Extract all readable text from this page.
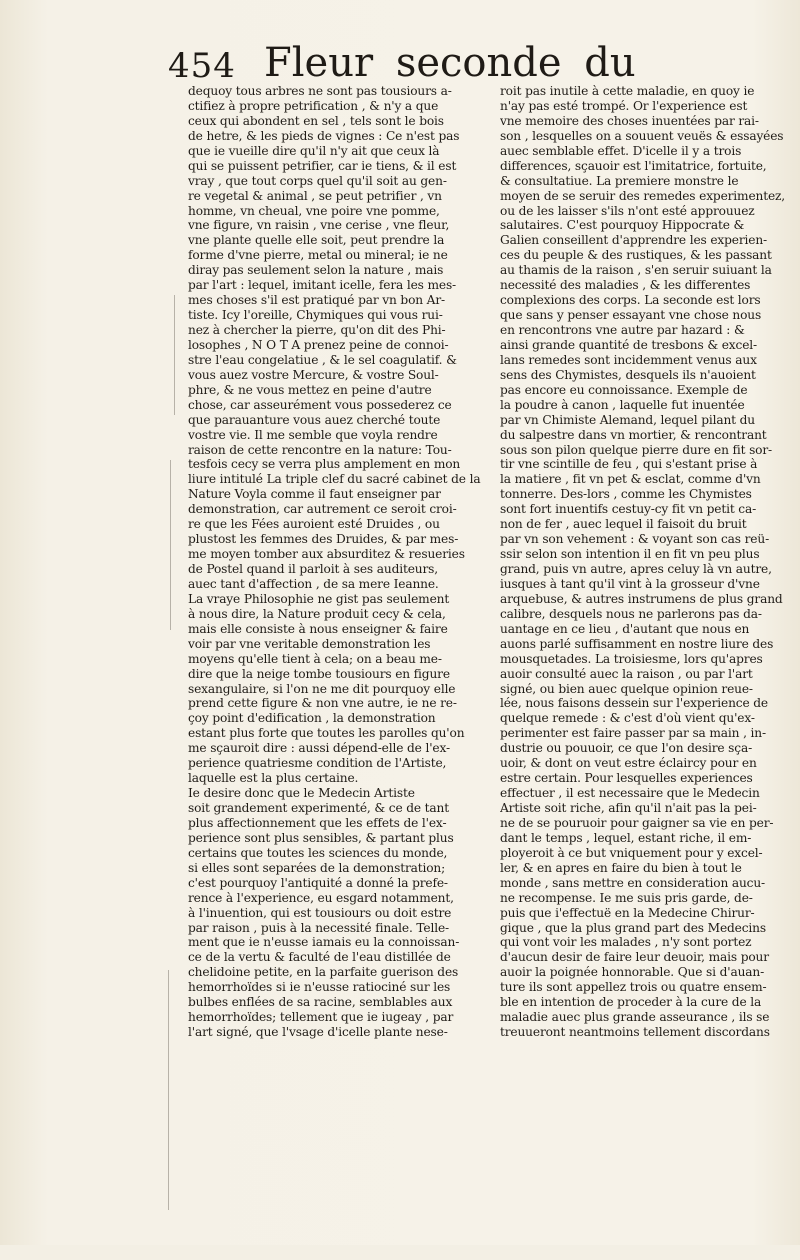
454 Fleur seconde du
dequoy tous arbres ne sont pas tousiours a-
ctifiez à propre petrification , & n'y a que
ceux qui abondent en sel , tels sont le bois
de hetre, & les pieds de vignes : Ce n'est pas
que ie vueille dire qu'il n'y ait que ceux là
qui se puissent petrifier, car ie tiens, & il est
vray , que tout corps quel qu'il soit au gen-
re vegetal & animal , se peut petrifier , vn
homme, vn cheual, vne poire vne pomme,
vne figure, vn raisin , vne cerise , vne fleur,
vne plante quelle elle soit, peut prendre la
forme d'vne pierre, metal ou mineral; ie ne
diray pas seulement selon la nature , mais
par l'art : lequel, imitant icelle, fera les mes-
mes choses s'il est pratiqué par vn bon Ar-
tiste. Icy l'oreille, Chymiques qui vous rui-
nez à chercher la pierre, qu'on dit des Phi-
losophes , N O T A prenez peine de connoi-
stre l'eau congelatiue , & le sel coagulatif. &
vous auez vostre Mercure, & vostre Soul-
phre, & ne vous mettez en peine d'autre
chose, car asseurément vous possederez ce
que parauanture vous auez cherché toute
vostre vie. Il me semble que voyla rendre
raison de cette rencontre en la nature: Tou-
tesfois cecy se verra plus amplement en mon
liure intitulé La triple clef du sacré cabinet de la
Nature Voyla comme il faut enseigner par
demonstration, car autrement ce seroit croi-
re que les Fées auroient esté Druides , ou
plustost les femmes des Druides, & par mes-
me moyen tomber aux absurditez & resueries
de Postel quand il parloit à ses auditeurs,
auec tant d'affection , de sa mere Ieanne.
La vraye Philosophie ne gist pas seulement
à nous dire, la Nature produit cecy & cela,
mais elle consiste à nous enseigner & faire
voir par vne veritable demonstration les
moyens qu'elle tient à cela; on a beau me-
dire que la neige tombe tousiours en figure
sexangulaire, si l'on ne me dit pourquoy elle
prend cette figure & non vne autre, ie ne re-
çoy point d'edification , la demonstration
estant plus forte que toutes les parolles qu'on
me sçauroit dire : aussi dépend-elle de l'ex-
perience quatriesme condition de l'Artiste,
laquelle est la plus certaine.
Ie desire donc que le Medecin Artiste
soit grandement experimenté, & ce de tant
plus affectionnement que les effets de l'ex-
perience sont plus sensibles, & partant plus
certains que toutes les sciences du monde,
si elles sont separées de la demonstration;
c'est pourquoy l'antiquité a donné la prefe-
rence à l'experience, eu esgard notamment,
à l'inuention, qui est tousiours ou doit estre
par raison , puis à la necessité finale. Telle-
ment que ie n'eusse iamais eu la connoissan-
ce de la vertu & faculté de l'eau distillée de
chelidoine petite, en la parfaite guerison des
hemorrhoïdes si ie n'eusse ratiociné sur les
bulbes enflées de sa racine, semblables aux
hemorrhoïdes; tellement que ie iugeay , par
l'art signé, que l'vsage d'icelle plante nese-
roit pas inutile à cette maladie, en quoy ie
n'ay pas esté trompé. Or l'experience est
vne memoire des choses inuentées par rai-
son , lesquelles on a souuent veuës & essayées
auec semblable effet. D'icelle il y a trois
differences, sçauoir est l'imitatrice, fortuite,
& consultatiue. La premiere monstre le
moyen de se seruir des remedes experimentez,
ou de les laisser s'ils n'ont esté approuuez
salutaires. C'est pourquoy Hippocrate &
Galien conseillent d'apprendre les experien-
ces du peuple & des rustiques, & les passant
au thamis de la raison , s'en seruir suiuant la
necessité des maladies , & les differentes
complexions des corps. La seconde est lors
que sans y penser essayant vne chose nous
en rencontrons vne autre par hazard : &
ainsi grande quantité de tresbons & excel-
lans remedes sont incidemment venus aux
sens des Chymistes, desquels ils n'auoient
pas encore eu connoissance. Exemple de
la poudre à canon , laquelle fut inuentée
par vn Chimiste Alemand, lequel pilant du
du salpestre dans vn mortier, & rencontrant
sous son pilon quelque pierre dure en fit sor-
tir vne scintille de feu , qui s'estant prise à
la matiere , fit vn pet & esclat, comme d'vn
tonnerre. Des-lors , comme les Chymistes
sont fort inuentifs cestuy-cy fit vn petit ca-
non de fer , auec lequel il faisoit du bruit
par vn son vehement : & voyant son cas reü-
ssir selon son intention il en fit vn peu plus
grand, puis vn autre, apres celuy là vn autre,
iusques à tant qu'il vint à la grosseur d'vne
arquebuse, & autres instrumens de plus grand
calibre, desquels nous ne parlerons pas da-
uantage en ce lieu , d'autant que nous en
auons parlé suffisamment en nostre liure des
mousquetades. La troisiesme, lors qu'apres
auoir consulté auec la raison , ou par l'art
signé, ou bien auec quelque opinion reue-
lée, nous faisons dessein sur l'experience de
quelque remede : & c'est d'où vient qu'ex-
perimenter est faire passer par sa main , in-
dustrie ou pouuoir, ce que l'on desire sça-
uoir, & dont on veut estre éclaircy pour en
estre certain. Pour lesquelles experiences
effectuer , il est necessaire que le Medecin
Artiste soit riche, afin qu'il n'ait pas la pei-
ne de se pouruoir pour gaigner sa vie en per-
dant le temps , lequel, estant riche, il em-
ployeroit à ce but vniquement pour y excel-
ler, & en apres en faire du bien à tout le
monde , sans mettre en consideration aucu-
ne recompense. Ie me suis pris garde, de-
puis que i'effectuë en la Medecine Chirur-
gique , que la plus grand part des Medecins
qui vont voir les malades , n'y sont portez
d'aucun desir de faire leur deuoir, mais pour
auoir la poignée honnorable. Que si d'auan-
ture ils sont appellez trois ou quatre ensem-
ble en intention de proceder à la cure de la
maladie auec plus grande asseurance , ils se
treuueront neantmoins tellement discordans
